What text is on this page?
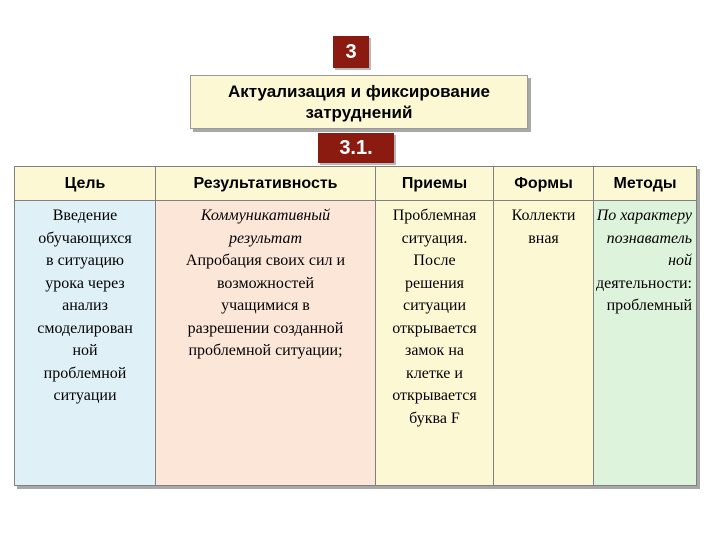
3
Актуализация и фиксирование затруднений
3.1.
Цель
Введение
обучающихся
в ситуацию
урока через
анализ
смоделирован
ной
проблемной
ситуации
Результативность
Коммуникативный
результат
Апробация своих сил и
возможностей
учащимися в
разрешении созданной
проблемной ситуации;
Приемы
Проблемная
ситуация.
После
решения
ситуации
открывается
замок на
клетке и
открывается
буква F
Формы
Коллекти
вная
Методы
По характеру
познаватель
ной
деятельности:
проблемный
